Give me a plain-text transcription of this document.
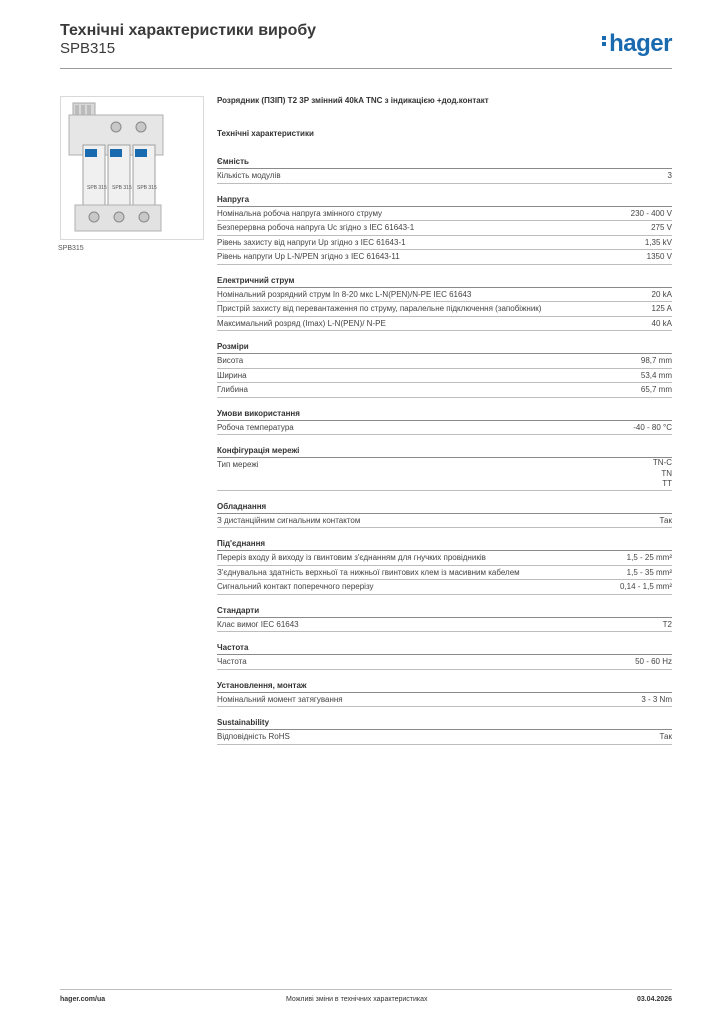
Технічні характеристики виробу
SPB315	hager
SPB 315 SPB 315 SPB 315
SPB315
Розрядник (ПЗІП) Т2 3Р змінний 40kA TNC з індикацією +дод.контакт
Технічні характеристики
Ємність
Кількість модулів	3
Напруга
Номінальна робоча напруга змінного струму	230 - 400 V
Безперервна робоча напруга Uc згідно з IEC 61643-1	275 V
Рівень захисту від напруги Up згідно з IEC 61643-1	1,35 kV
Рівень напруги Up L-N/PEN згідно з IEC 61643-11	1350 V
Електричний струм
Номінальний розрядний струм In 8-20 мкс L-N(PEN)/N-PE IEC 61643	20 kA
Пристрій захисту від перевантаження по струму, паралельне підключення (запобіжник)	125 A
Максимальний розряд (Imax) L-N(PEN)/ N-PE	40 kA
Розміри
Висота	98,7 mm
Ширина	53,4 mm
Глибина	65,7 mm
Умови використання
Робоча температура	-40 - 80 °C
Конфігурація мережі
Тип мережі	TN-C
TN
TT
Обладнання
З дистанційним сигнальним контактом	Так
Під'єднання
Переріз входу й виходу із гвинтовим з'єднанням для гнучких провідників	1,5 - 25 mm²
З'єднувальна здатність верхньої та нижньої гвинтових клем із масивним кабелем	1,5 - 35 mm²
Сигнальний контакт поперечного перерізу	0,14 - 1,5 mm²
Стандарти
Клас вимог IEC 61643	T2
Частота
Частота	50 - 60 Hz
Установлення, монтаж
Номінальний момент затягування	3 - 3 Nm
Sustainability
Відповідність RoHS	Так
hager.com/ua	Можливі зміни в технічних характеристиках	03.04.2026
